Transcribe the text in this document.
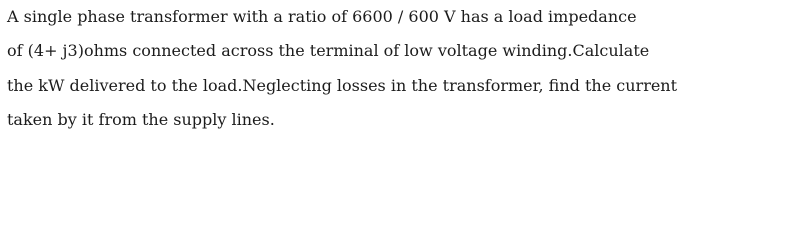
A single phase transformer with a ratio of 6600 / 600 V has a load impedance
of (4+ j3)ohms connected across the terminal of low voltage winding.Calculate
the kW delivered to the load.Neglecting losses in the transformer, find the current
taken by it from the supply lines.
